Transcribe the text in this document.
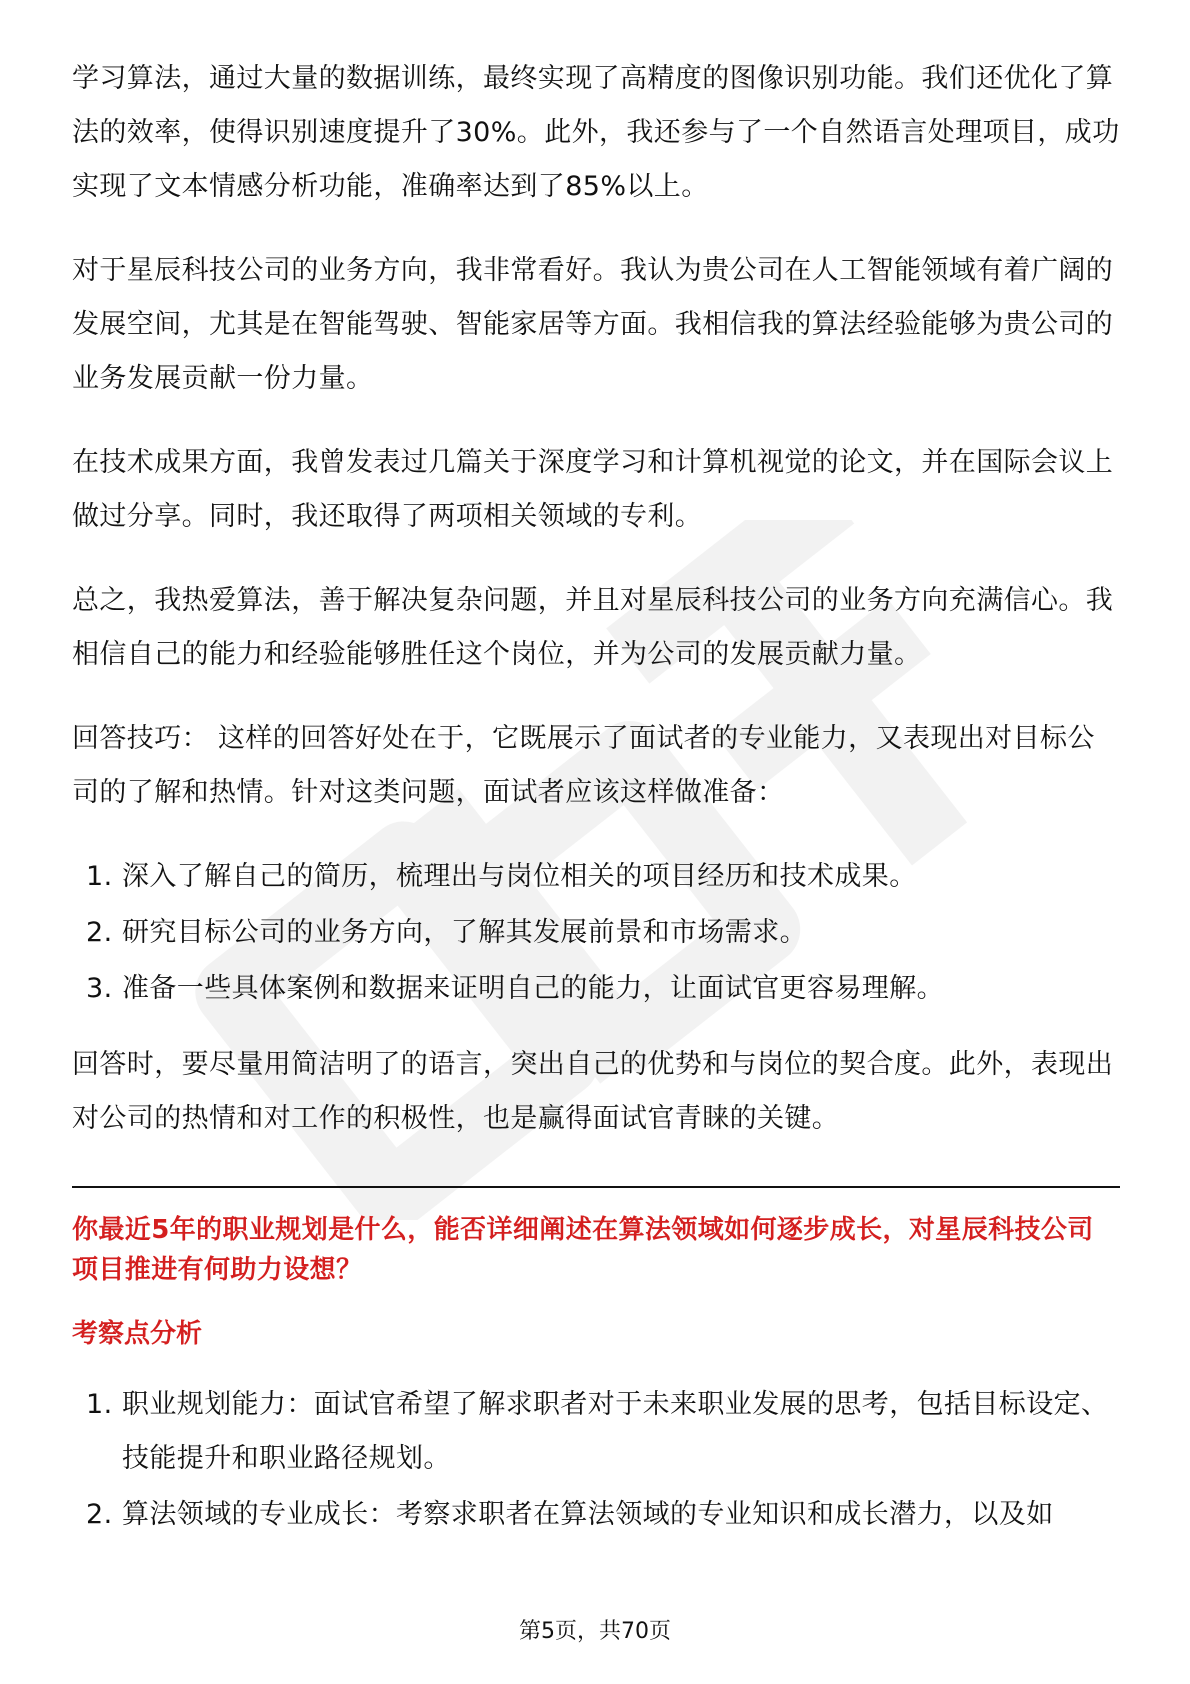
学习算法，通过大量的数据训练，最终实现了高精度的图像识别功能。我们还优化了算法的效率，使得识别速度提升了30%。此外，我还参与了一个自然语言处理项目，成功实现了文本情感分析功能，准确率达到了85%以上。

对于星辰科技公司的业务方向，我非常看好。我认为贵公司在人工智能领域有着广阔的发展空间，尤其是在智能驾驶、智能家居等方面。我相信我的算法经验能够为贵公司的业务发展贡献一份力量。

在技术成果方面，我曾发表过几篇关于深度学习和计算机视觉的论文，并在国际会议上做过分享。同时，我还取得了两项相关领域的专利。

总之，我热爱算法，善于解决复杂问题，并且对星辰科技公司的业务方向充满信心。我相信自己的能力和经验能够胜任这个岗位，并为公司的发展贡献力量。

回答技巧： 这样的回答好处在于，它既展示了面试者的专业能力，又表现出对目标公司的了解和热情。针对这类问题，面试者应该这样做准备：

1. 深入了解自己的简历，梳理出与岗位相关的项目经历和技术成果。
2. 研究目标公司的业务方向，了解其发展前景和市场需求。
3. 准备一些具体案例和数据来证明自己的能力，让面试官更容易理解。

回答时，要尽量用简洁明了的语言，突出自己的优势和与岗位的契合度。此外，表现出对公司的热情和对工作的积极性，也是赢得面试官青睐的关键。

你最近5年的职业规划是什么，能否详细阐述在算法领域如何逐步成长，对星辰科技公司项目推进有何助力设想？
考察点分析
1. 职业规划能力：面试官希望了解求职者对于未来职业发展的思考，包括目标设定、技能提升和职业路径规划。
2. 算法领域的专业成长：考察求职者在算法领域的专业知识和成长潜力，以及如
第5页，共70页
